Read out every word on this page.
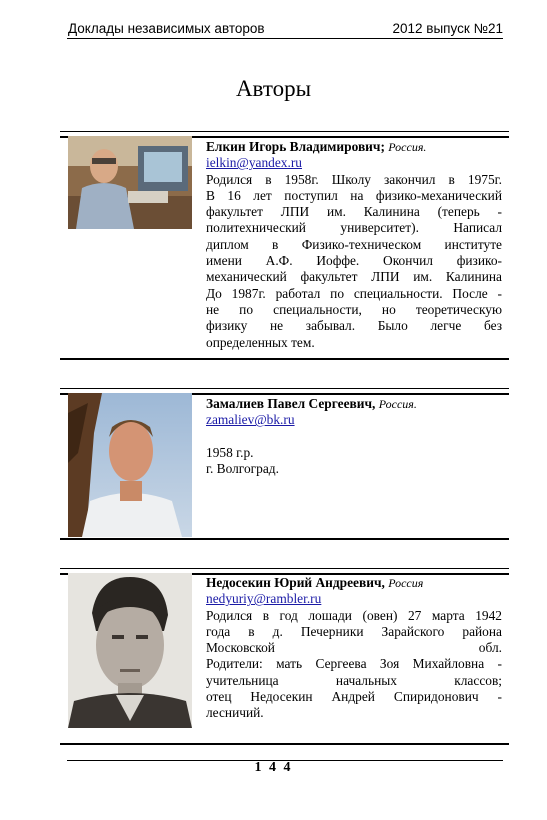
Доклады независимых авторов	2012 выпуск №21
Авторы
Елкин Игорь Владимирович; Россия.
ielkin@yandex.ru
Родился в 1958г. Школу закончил в 1975г.
В 16 лет поступил на физико-механический
факультет ЛПИ им. Калинина (теперь -
политехнический университет). Написал
диплом в Физико-техническом институте
имени А.Ф. Иоффе. Окончил физико-
механический факультет ЛПИ им. Калинина
До 1987г. работал по специальности. После -
не по специальности, но теоретическую
физику не забывал. Было легче без
определенных тем.
Замалиев Павел Сергеевич, Россия.
zamaliev@bk.ru
1958 г.р.
г. Волгоград.
Недосекин Юрий Андреевич, Россия
nedyuriy@rambler.ru
Родился в год лошади (овен) 27 марта 1942
года в д. Печерники Зарайского района
Московской обл.
Родители: мать Сергеева Зоя Михайловна -
учительница начальных классов;
отец Недосекин Андрей Спиридонович -
лесничий.
1 4 4
